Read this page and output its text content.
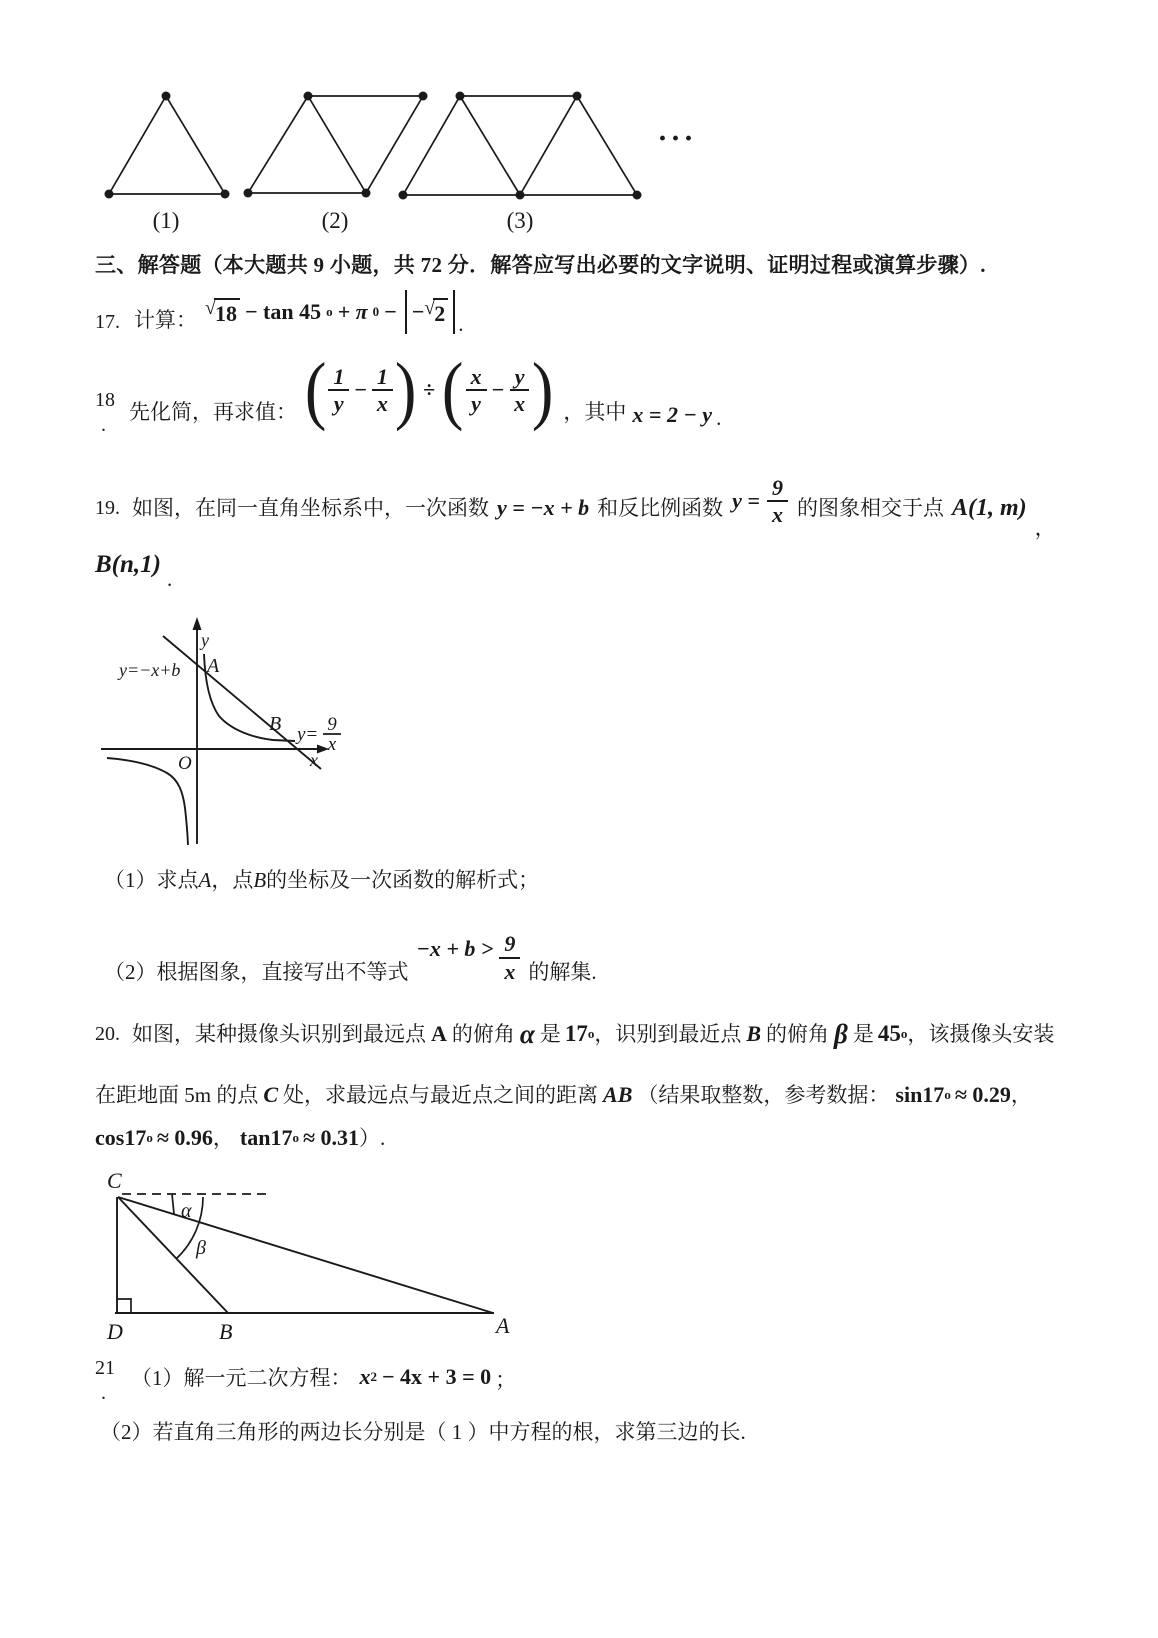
(1)	(2)	(3)
···
三、解答题（本大题共 9 小题，共 72 分．解答应写出必要的文字说明、证明过程或演算步骤）.
17. 计算：
√ 18 − tan 45 o + π 0 − − √ 2 .
18
.
先化简，再求值： ( $\frac{1}{y} - \frac{1}{x}$ ) ÷ ( $\frac{x}{y} - \frac{y}{x}$ ) ，其中 x = 2 − y .
19. 如图，在同一直角坐标系中，一次函数 y = −x + b 和反比例函数 $y = \frac{9}{x}$ 的图象相交于点 A(1, m)
，
B(n,1)
.
y=−x+b A
B y= 9
x
O	x
y
（1）求点 A ，点 B 的坐标及一次函数的解析式；
（2）根据图象，直接写出不等式
$-x + b > \frac{9}{x}$ 的解集.
20. 如图，某种摄像头识别到最远点 A 的俯角 α 是 17 o ，识别到最近点 B 的俯角 β 是 45 o ，该摄像头安装
在距地面 5m 的点 C 处，求最远点与最近点之间的距离 AB （结果取整数，参考数据： sin17 o ≈ 0.29 ，
cos17 o ≈ 0.96 ， tan17 o ≈ 0.31 ）.
C
D	B	A
α
β
21
.
（1）解一元二次方程： x 2 − 4x + 3 = 0 ；
（2）若直角三角形的两边长分别是（ 1 ）中方程的根，求第三边的长.
